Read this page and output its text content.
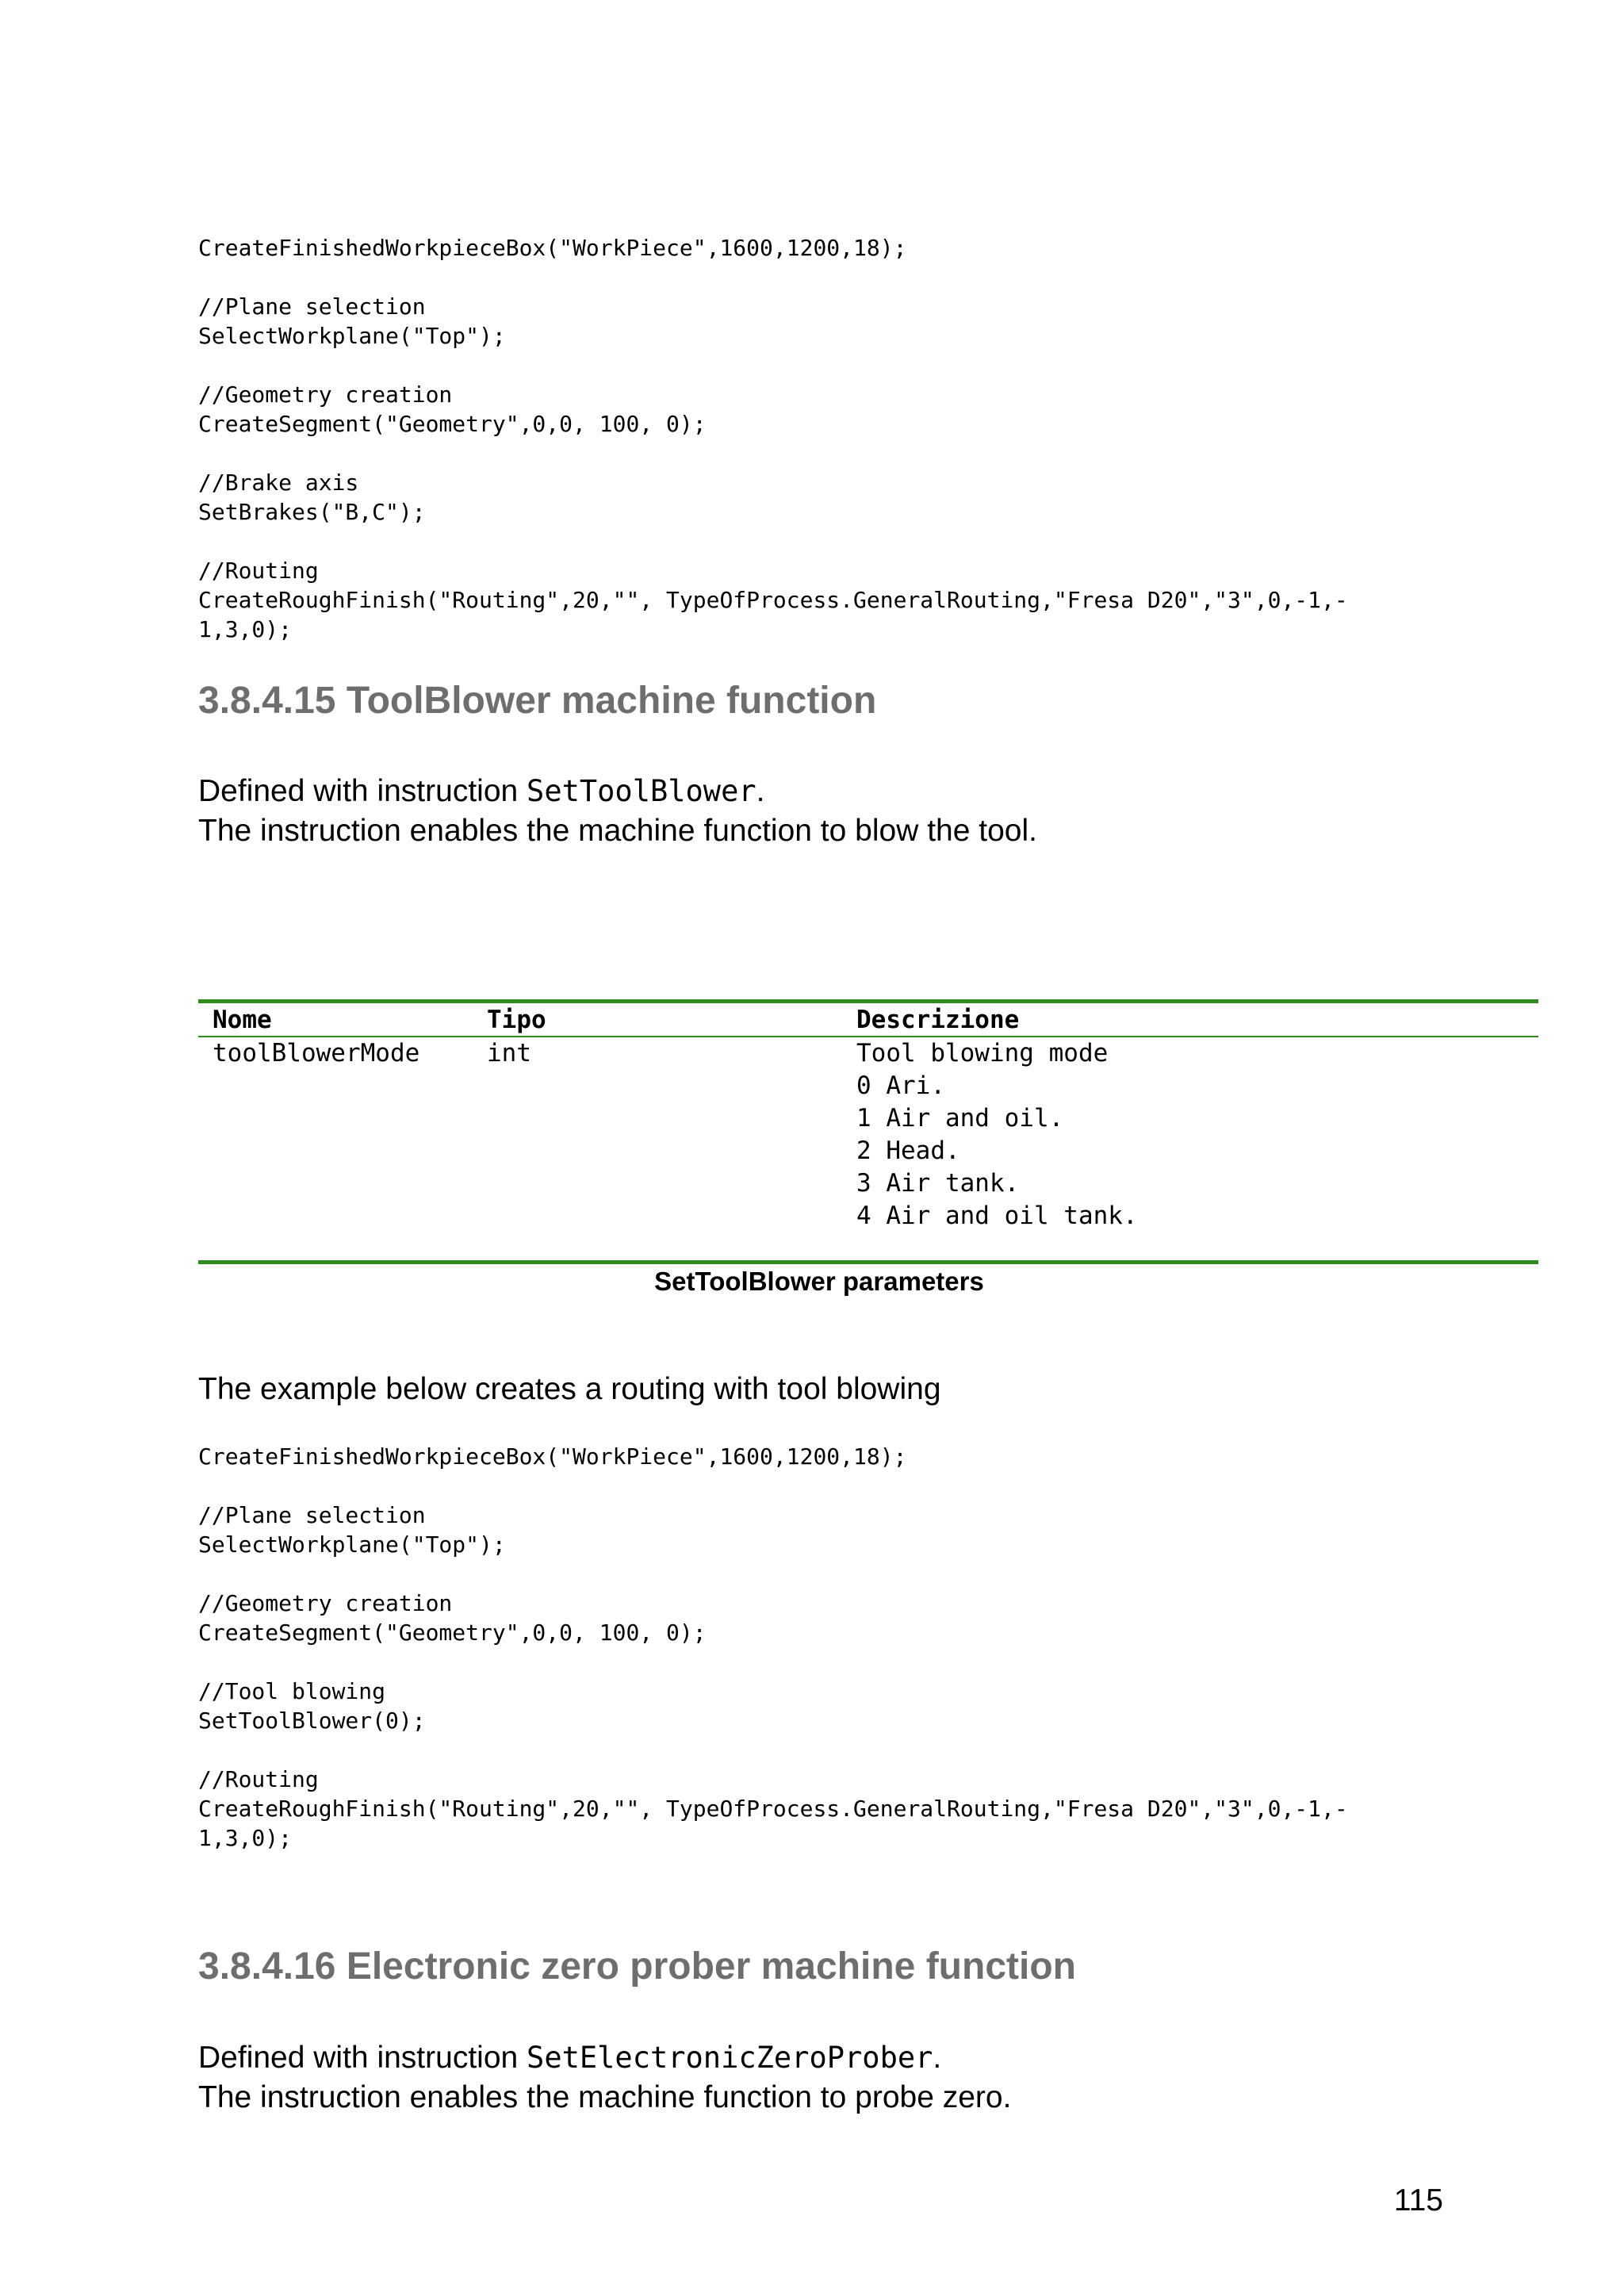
CreateFinishedWorkpieceBox("WorkPiece",1600,1200,18);

//Plane selection
SelectWorkplane("Top");

//Geometry creation
CreateSegment("Geometry",0,0, 100, 0);

//Brake axis
SetBrakes("B,C");

//Routing
CreateRoughFinish("Routing",20,"", TypeOfProcess.GeneralRouting,"Fresa D20","3",0,-1,-
1,3,0);
3.8.4.15 ToolBlower machine function

Defined with instruction SetToolBlower.

The instruction enables the machine function to blow the tool.

Nome	Tipo	Descrizione
toolBlowerMode	int	Tool blowing mode
0 Ari.
1 Air and oil.
2 Head.
3 Air tank.
4 Air and oil tank.

SetToolBlower parameters

The example below creates a routing with tool blowing

CreateFinishedWorkpieceBox("WorkPiece",1600,1200,18);

//Plane selection
SelectWorkplane("Top");

//Geometry creation
CreateSegment("Geometry",0,0, 100, 0);

//Tool blowing
SetToolBlower(0);

//Routing
CreateRoughFinish("Routing",20,"", TypeOfProcess.GeneralRouting,"Fresa D20","3",0,-1,-
1,3,0);
3.8.4.16 Electronic zero prober machine function

Defined with instruction SetElectronicZeroProber.

The instruction enables the machine function to probe zero.

115
